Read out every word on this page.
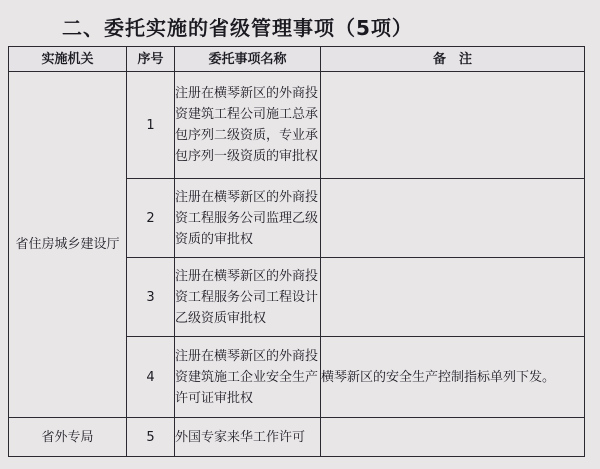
二、委托实施的省级管理事项（5项）
实施机关	序号	委托事项名称	备　注
省住房城乡建设厅	1	注册在横琴新区的外商投资建筑工程公司施工总承包序列二级资质，专业承包序列一级资质的审批权	
	2	注册在横琴新区的外商投资工程服务公司监理乙级资质的审批权	
	3	注册在横琴新区的外商投资工程服务公司工程设计乙级资质审批权	
	4	注册在横琴新区的外商投资建筑施工企业安全生产许可证审批权	横琴新区的安全生产控制指标单列下发。
省外专局	5	外国专家来华工作许可	
